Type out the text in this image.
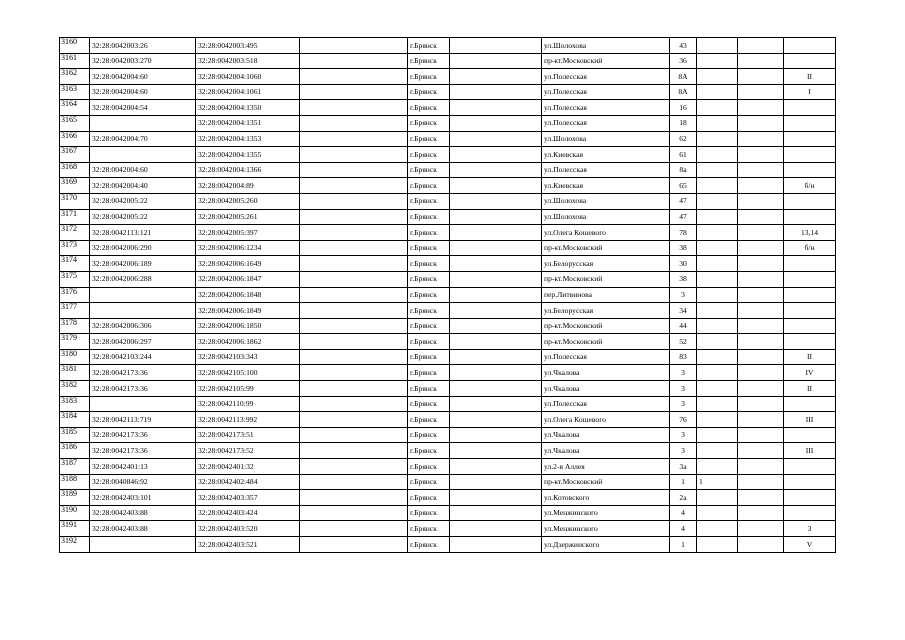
3160	32:28:0042003:26	32:28:0042003:495		г.Брянск		ул.Шолохова	43			
3161	32:28:0042003:270	32:28:0042003:518		г.Брянск		пр-кт.Московский	36			
3162	32:28:0042004:60	32:28:0042004:1060		г.Брянск		ул.Полесская	8А			II
3163	32:28:0042004:60	32:28:0042004:1061		г.Брянск		ул.Полесская	8А			I
3164	32:28:0042004:54	32:28:0042004:1350		г.Брянск		ул.Полесская	16			
3165		32:28:0042004:1351		г.Брянск		ул.Полесская	18			
3166	32:28:0042004:70	32:28:0042004:1353		г.Брянск		ул.Шолохова	62			
3167		32:28:0042004:1355		г.Брянск		ул.Киевская	61			
3168	32:28:0042004:60	32:28:0042004:1366		г.Брянск		ул.Полесская	8а			
3169	32:28:0042004:40	32:28:0042004:89		г.Брянск		ул.Киевская	65			б/н
3170	32:28:0042005:22	32:28:0042005:260		г.Брянск		ул.Шолохова	47			
3171	32:28:0042005:22	32:28:0042005:261		г.Брянск		ул.Шолохова	47			
3172	32:28:0042113:121	32:28:0042005:397		г.Брянск		ул.Олега Кошевого	78			13,14
3173	32:28:0042006:290	32:28:0042006:1234		г.Брянск		пр-кт.Московский	38			б/н
3174	32:28:0042006:189	32:28:0042006:1649		г.Брянск		ул.Белорусская	30			
3175	32:28:0042006:288	32:28:0042006:1847		г.Брянск		пр-кт.Московский	38			
3176		32:28:0042006:1848		г.Брянск		пер.Литвинова	3			
3177		32:28:0042006:1849		г.Брянск		ул.Белорусская	34			
3178	32:28:0042006:306	32:28:0042006:1850		г.Брянск		пр-кт.Московский	44			
3179	32:28:0042006:297	32:28:0042006:1862		г.Брянск		пр-кт.Московский	52			
3180	32:28:0042103:244	32:28:0042103:343		г.Брянск		ул.Полесская	83			II
3181	32:28:0042173:36	32:28:0042105:100		г.Брянск		ул.Чкалова	3			IV
3182	32:28:0042173:36	32:28:0042105:99		г.Брянск		ул.Чкалова	3			II
3183		32:28:0042110:99		г.Брянск		ул.Полесская	3			
3184	32:28:0042113:719	32:28:0042113:992		г.Брянск		ул.Олега Кошевого	76			III
3185	32:28:0042173:36	32:28:0042173:51		г.Брянск		ул.Чкалова	3			
3186	32:28:0042173:36	32:28:0042173:52		г.Брянск		ул.Чкалова	3			III
3187	32:28:0042401:13	32:28:0042401:32		г.Брянск		ул.2-я Аллея	3а			
3188	32:28:0040846:92	32:28:0042402:484		г.Брянск		пр-кт.Московский	1	1		
3189	32:28:0042403:101	32:28:0042403:357		г.Брянск		ул.Котовского	2а			
3190	32:28:0042403:88	32:28:0042403:424		г.Брянск		ул.Менжинского	4			
3191	32:28:0042403:88	32:28:0042403:520		г.Брянск		ул.Менжинского	4			3
3192		32:28:0042403:521		г.Брянск		ул.Дзержинского	1			V
